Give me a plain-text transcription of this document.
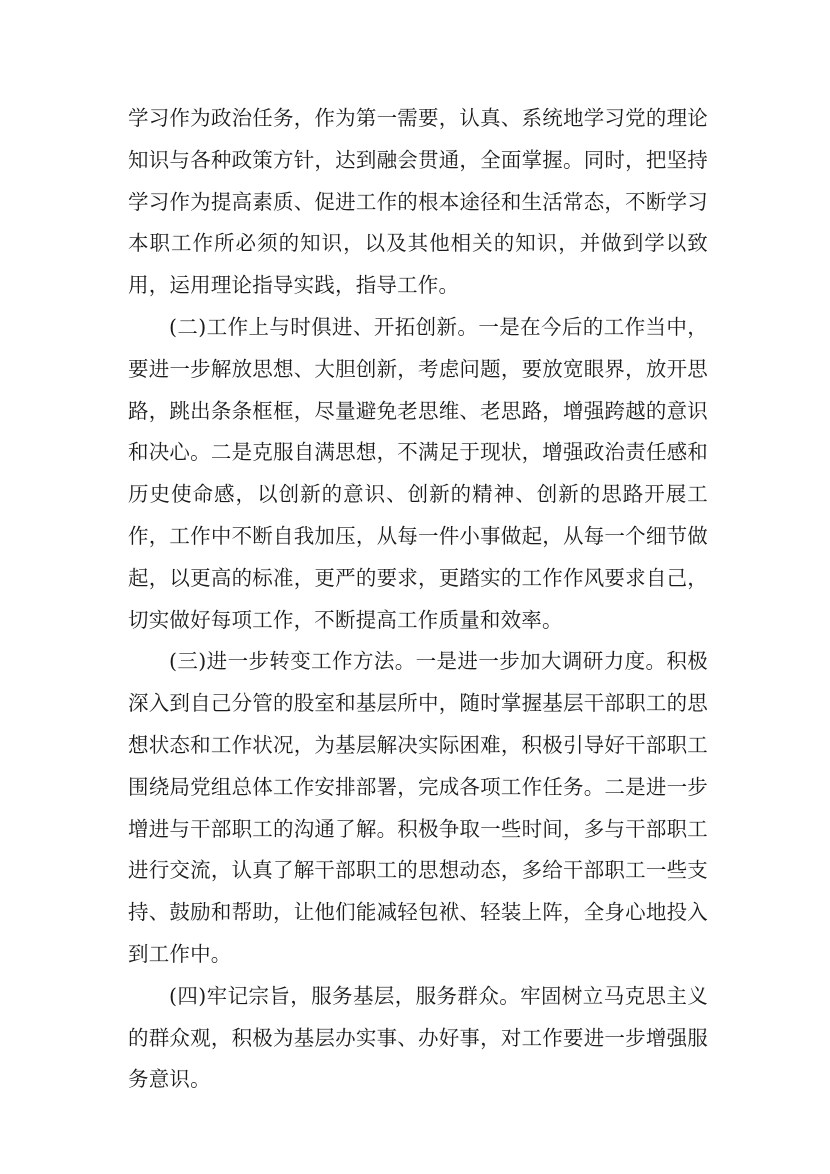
学习作为政治任务，作为第一需要，认真、系统地学习党的理论知识与各种政策方针，达到融会贯通，全面掌握。同时，把坚持学习作为提高素质、促进工作的根本途径和生活常态，不断学习本职工作所必须的知识，以及其他相关的知识，并做到学以致用，运用理论指导实践，指导工作。

(二)工作上与时俱进、开拓创新。一是在今后的工作当中，要进一步解放思想、大胆创新，考虑问题，要放宽眼界，放开思路，跳出条条框框，尽量避免老思维、老思路，增强跨越的意识和决心。二是克服自满思想，不满足于现状，增强政治责任感和历史使命感，以创新的意识、创新的精神、创新的思路开展工作，工作中不断自我加压，从每一件小事做起，从每一个细节做起，以更高的标准，更严的要求，更踏实的工作作风要求自己，切实做好每项工作，不断提高工作质量和效率。

(三)进一步转变工作方法。一是进一步加大调研力度。积极深入到自己分管的股室和基层所中，随时掌握基层干部职工的思想状态和工作状况，为基层解决实际困难，积极引导好干部职工围绕局党组总体工作安排部署，完成各项工作任务。二是进一步增进与干部职工的沟通了解。积极争取一些时间，多与干部职工进行交流，认真了解干部职工的思想动态，多给干部职工一些支持、鼓励和帮助，让他们能减轻包袱、轻装上阵，全身心地投入到工作中。

(四)牢记宗旨，服务基层，服务群众。牢固树立马克思主义的群众观，积极为基层办实事、办好事，对工作要进一步增强服务意识。
